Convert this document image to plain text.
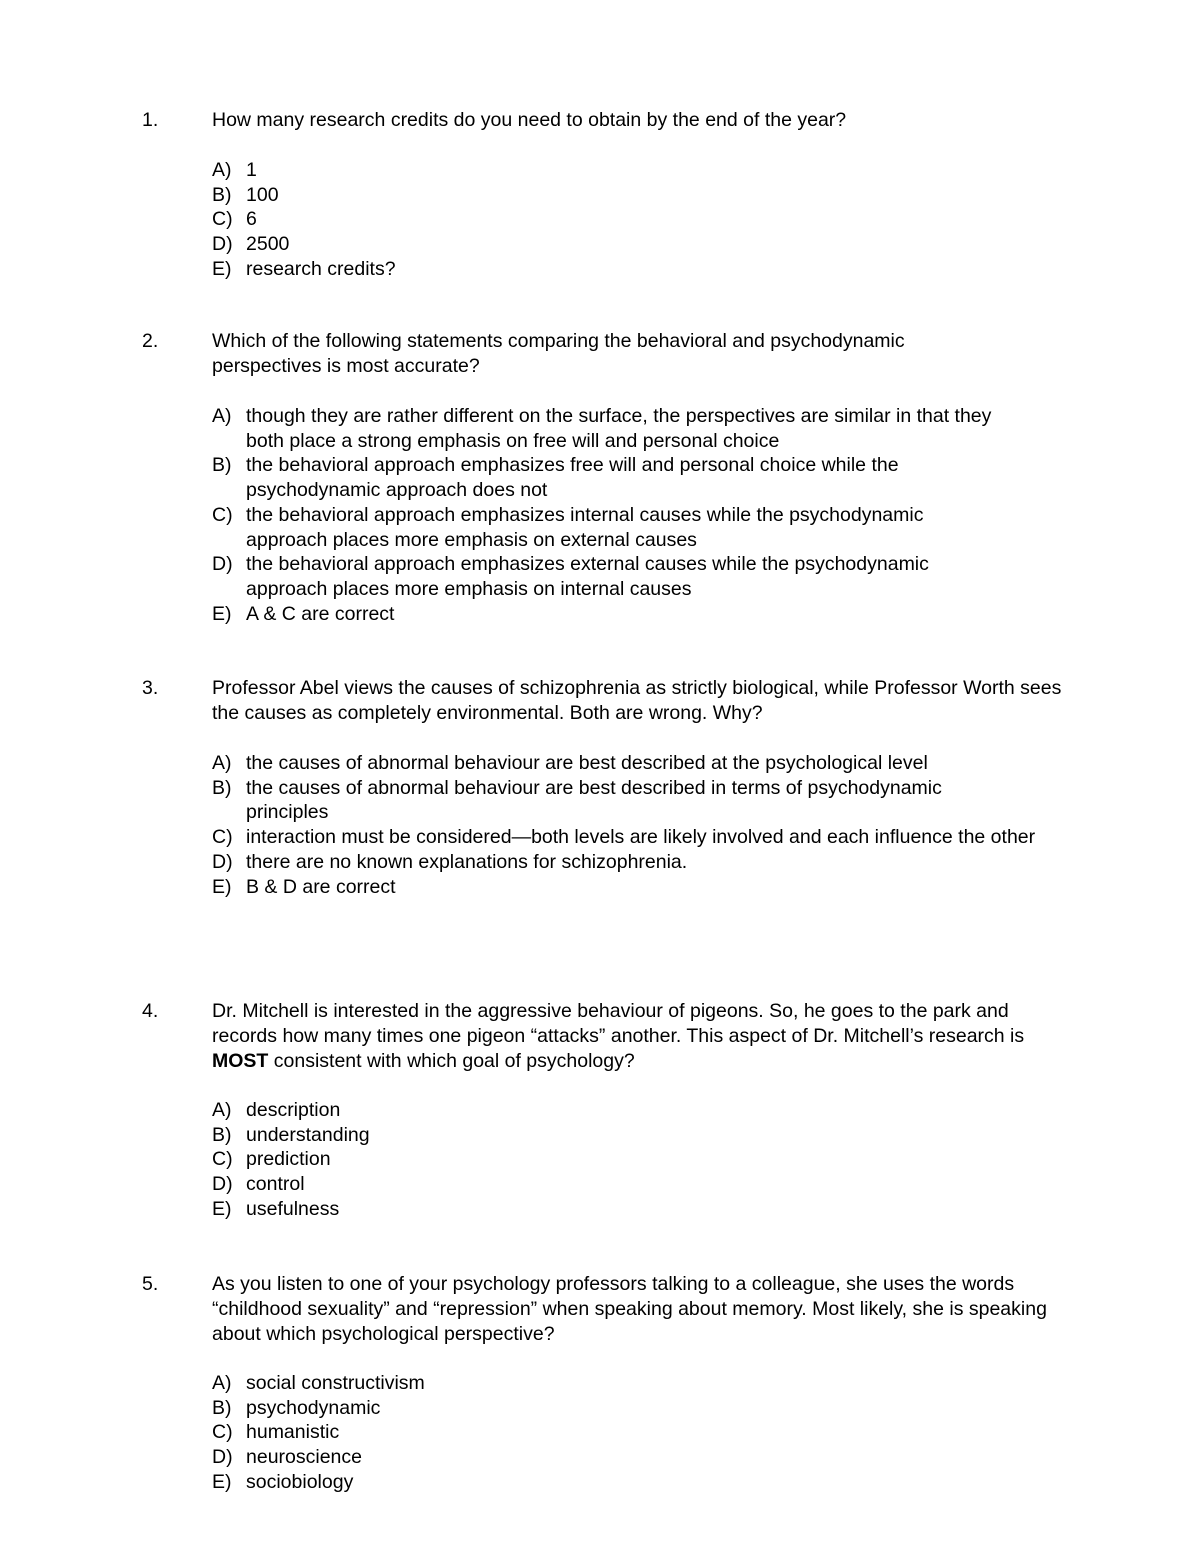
1.	How many research credits do you need to obtain by the end of the year?
A) 1
B) 100
C) 6
D) 2500
E) research credits?
2.	Which of the following statements comparing the behavioral and psychodynamic perspectives is most accurate?
A) though they are rather different on the surface, the perspectives are similar in that they both place a strong emphasis on free will and personal choice
B) the behavioral approach emphasizes free will and personal choice while the psychodynamic approach does not
C) the behavioral approach emphasizes internal causes while the psychodynamic approach places more emphasis on external causes
D) the behavioral approach emphasizes external causes while the psychodynamic approach places more emphasis on internal causes
E) A & C are correct
3.	Professor Abel views the causes of schizophrenia as strictly biological, while Professor Worth sees the causes as completely environmental. Both are wrong. Why?
A) the causes of abnormal behaviour are best described at the psychological level
B) the causes of abnormal behaviour are best described in terms of psychodynamic principles
C) interaction must be considered—both levels are likely involved and each influence the other
D) there are no known explanations for schizophrenia.
E) B & D are correct
4.	Dr. Mitchell is interested in the aggressive behaviour of pigeons. So, he goes to the park and records how many times one pigeon “attacks” another. This aspect of Dr. Mitchell’s research is MOST consistent with which goal of psychology?
A) description
B) understanding
C) prediction
D) control
E) usefulness
5.	As you listen to one of your psychology professors talking to a colleague, she uses the words “childhood sexuality” and “repression” when speaking about memory. Most likely, she is speaking about which psychological perspective?
A) social constructivism
B) psychodynamic
C) humanistic
D) neuroscience
E) sociobiology
